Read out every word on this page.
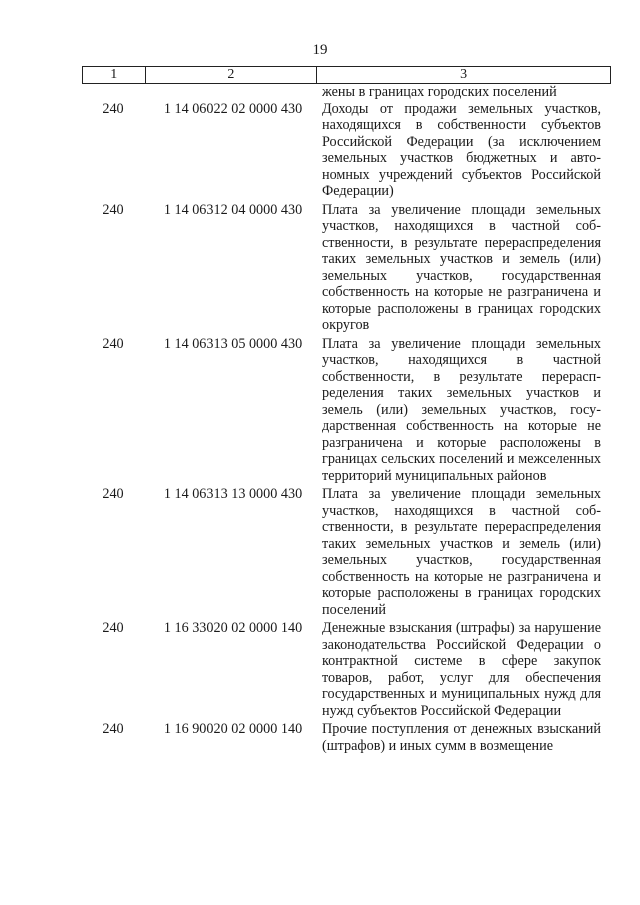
19
1	2	3
жены в границах городских поселений
240	1 14 06022 02 0000 430	Доходы от продажи земельных участков, находящихся в собственности субъектов Российской Федерации (за исключением земельных участков бюджетных и автономных учреждений субъектов Российской Федерации)
240	1 14 06312 04 0000 430	Плата за увеличение площади земельных участков, находящихся в частной собственности, в результате перераспределения таких земельных участков и земель (или) земельных участков, государственная собственность на которые не разграничена и которые расположены в границах городских округов
240	1 14 06313 05 0000 430	Плата за увеличение площади земельных участков, находящихся в частной собственности, в результате перераспределения таких земельных участков и земель (или) земельных участков, государственная собственность на которые не разграничена и которые расположены в границах сельских поселений и межселенных территорий муниципальных районов
240	1 14 06313 13 0000 430	Плата за увеличение площади земельных участков, находящихся в частной собственности, в результате перераспределения таких земельных участков и земель (или) земельных участков, государственная собственность на которые не разграничена и которые расположены в границах городских поселений
240	1 16 33020 02 0000 140	Денежные взыскания (штрафы) за нарушение законодательства Российской Федерации о контрактной системе в сфере закупок товаров, работ, услуг для обеспечения государственных и муниципальных нужд для нужд субъектов Российской Федерации
240	1 16 90020 02 0000 140	Прочие поступления от денежных взысканий (штрафов) и иных сумм в возмещение
